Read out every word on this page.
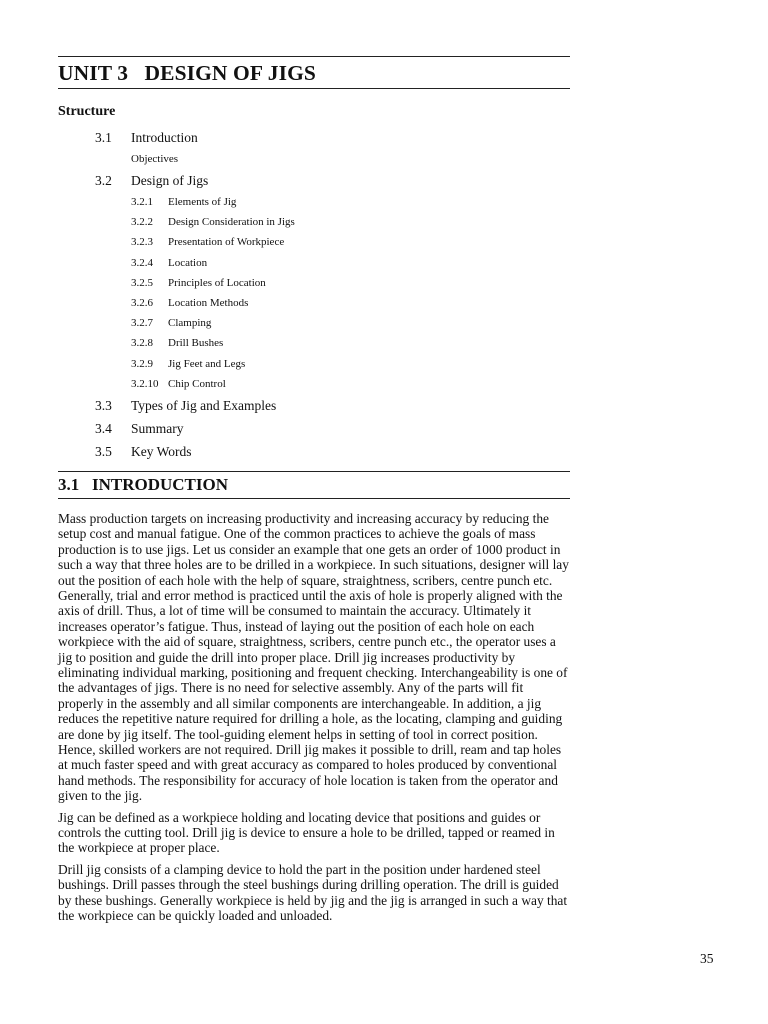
UNIT 3   DESIGN OF JIGS
Structure
3.1	Introduction
Objectives
3.2	Design of Jigs
3.2.1	Elements of Jig
3.2.2	Design Consideration in Jigs
3.2.3	Presentation of Workpiece
3.2.4	Location
3.2.5	Principles of Location
3.2.6	Location Methods
3.2.7	Clamping
3.2.8	Drill Bushes
3.2.9	Jig Feet and Legs
3.2.10 Chip Control
3.3	Types of Jig and Examples
3.4	Summary
3.5	Key Words
3.1   INTRODUCTION

Mass production targets on increasing productivity and increasing accuracy by reducing the setup cost and manual fatigue. One of the common practices to achieve the goals of mass production is to use jigs. Let us consider an example that one gets an order of 1000 product in such a way that three holes are to be drilled in a workpiece. In such situations, designer will lay out the position of each hole with the help of square, straightness, scribers, centre punch etc. Generally, trial and error method is practiced until the axis of hole is properly aligned with the axis of drill. Thus, a lot of time will be consumed to maintain the accuracy. Ultimately it increases operator’s fatigue. Thus, instead of laying out the position of each hole on each workpiece with the aid of square, straightness, scribers, centre punch etc., the operator uses a jig to position and guide the drill into proper place. Drill jig increases productivity by eliminating individual marking, positioning and frequent checking. Interchangeability is one of the advantages of jigs. There is no need for selective assembly. Any of the parts will fit properly in the assembly and all similar components are interchangeable. In addition, a jig reduces the repetitive nature required for drilling a hole, as the locating, clamping and guiding are done by jig itself. The tool-guiding element helps in setting of tool in correct position. Hence, skilled workers are not required. Drill jig makes it possible to drill, ream and tap holes at much faster speed and with great accuracy as compared to holes produced by conventional hand methods. The responsibility for accuracy of hole location is taken from the operator and given to the jig.

Jig can be defined as a workpiece holding and locating device that positions and guides or controls the cutting tool. Drill jig is device to ensure a hole to be drilled, tapped or reamed in the workpiece at proper place.

Drill jig consists of a clamping device to hold the part in the position under hardened steel bushings. Drill passes through the steel bushings during drilling operation. The drill is guided by these bushings. Generally workpiece is held by jig and the jig is arranged in such a way that the workpiece can be quickly loaded and unloaded.

35
